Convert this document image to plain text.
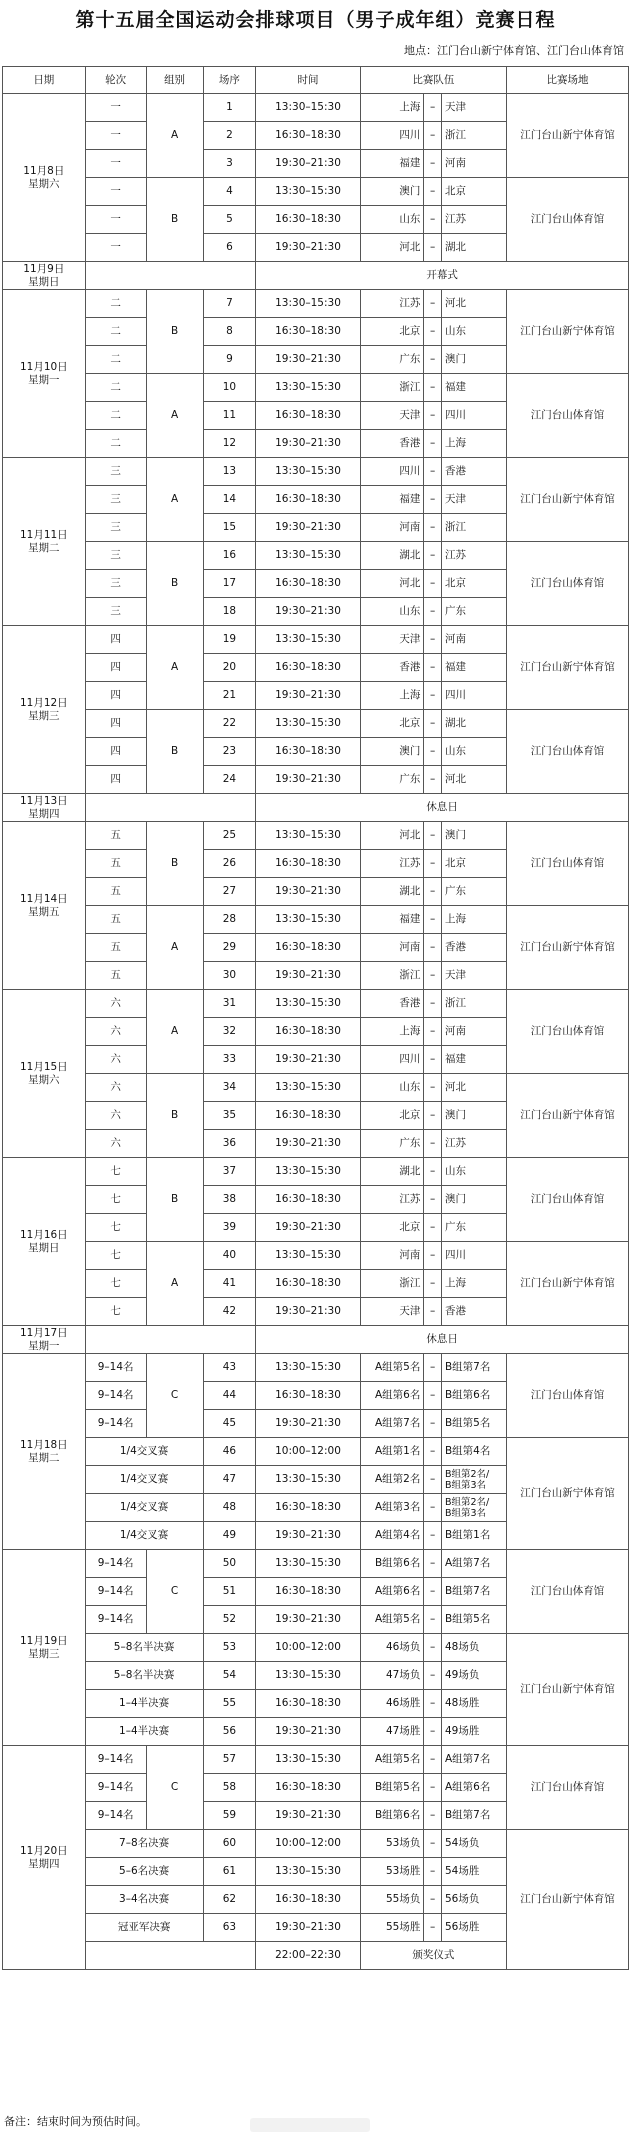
第十五届全国运动会排球项目（男子成年组）竞赛日程
地点：江门台山新宁体育馆、江门台山体育馆
日期	轮次	组别	场序	时间	比赛队伍			比赛场地
11月8日
星期六	一	A	1	13:30–15:30	上海	–	天津	江门台山新宁体育馆
	一		2	16:30–18:30	四川	–	浙江	
	一		3	19:30–21:30	福建	–	河南	
	一	B	4	13:30–15:30	澳门	–	北京	江门台山体育馆
	一		5	16:30–18:30	山东	–	江苏	
	一		6	19:30–21:30	河北	–	湖北	
11月9日
星期日				开幕式				
11月10日
星期一	二	B	7	13:30–15:30	江苏	–	河北	江门台山新宁体育馆
	二		8	16:30–18:30	北京	–	山东	
	二		9	19:30–21:30	广东	–	澳门	
	二	A	10	13:30–15:30	浙江	–	福建	江门台山体育馆
	二		11	16:30–18:30	天津	–	四川	
	二		12	19:30–21:30	香港	–	上海	
11月11日
星期二	三	A	13	13:30–15:30	四川	–	香港	江门台山新宁体育馆
	三		14	16:30–18:30	福建	–	天津	
	三		15	19:30–21:30	河南	–	浙江	
	三	B	16	13:30–15:30	湖北	–	江苏	江门台山体育馆
	三		17	16:30–18:30	河北	–	北京	
	三		18	19:30–21:30	山东	–	广东	
11月12日
星期三	四	A	19	13:30–15:30	天津	–	河南	江门台山新宁体育馆
	四		20	16:30–18:30	香港	–	福建	
	四		21	19:30–21:30	上海	–	四川	
	四	B	22	13:30–15:30	北京	–	湖北	江门台山体育馆
	四		23	16:30–18:30	澳门	–	山东	
	四		24	19:30–21:30	广东	–	河北	
11月13日
星期四				休息日				
11月14日
星期五	五	B	25	13:30–15:30	河北	–	澳门	江门台山体育馆
	五		26	16:30–18:30	江苏	–	北京	
	五		27	19:30–21:30	湖北	–	广东	
	五	A	28	13:30–15:30	福建	–	上海	江门台山新宁体育馆
	五		29	16:30–18:30	河南	–	香港	
	五		30	19:30–21:30	浙江	–	天津	
11月15日
星期六	六	A	31	13:30–15:30	香港	–	浙江	江门台山体育馆
	六		32	16:30–18:30	上海	–	河南	
	六		33	19:30–21:30	四川	–	福建	
	六	B	34	13:30–15:30	山东	–	河北	江门台山新宁体育馆
	六		35	16:30–18:30	北京	–	澳门	
	六		36	19:30–21:30	广东	–	江苏	
11月16日
星期日	七	B	37	13:30–15:30	湖北	–	山东	江门台山体育馆
	七		38	16:30–18:30	江苏	–	澳门	
	七		39	19:30–21:30	北京	–	广东	
	七	A	40	13:30–15:30	河南	–	四川	江门台山新宁体育馆
	七		41	16:30–18:30	浙江	–	上海	
	七		42	19:30–21:30	天津	–	香港	
11月17日
星期一				休息日				
11月18日
星期二	9–14名	C	43	13:30–15:30	A组第5名	–	B组第7名	江门台山体育馆
	9–14名		44	16:30–18:30	A组第6名	–	B组第6名	
	9–14名		45	19:30–21:30	A组第7名	–	B组第5名	
	1/4交叉赛		46	10:00–12:00	A组第1名	–	B组第4名	江门台山新宁体育馆
	1/4交叉赛		47	13:30–15:30	A组第2名	–	B组第2名/
B组第3名	
	1/4交叉赛		48	16:30–18:30	A组第3名	–	B组第2名/
B组第3名	
	1/4交叉赛		49	19:30–21:30	A组第4名	–	B组第1名	
11月19日
星期三	9–14名	C	50	13:30–15:30	B组第6名	–	A组第7名	江门台山体育馆
	9–14名		51	16:30–18:30	A组第6名	–	B组第7名	
	9–14名		52	19:30–21:30	A组第5名	–	B组第5名	
	5–8名半决赛		53	10:00–12:00	46场负	–	48场负	江门台山新宁体育馆
	5–8名半决赛		54	13:30–15:30	47场负	–	49场负	
	1–4半决赛		55	16:30–18:30	46场胜	–	48场胜	
	1–4半决赛		56	19:30–21:30	47场胜	–	49场胜	
11月20日
星期四	9–14名	C	57	13:30–15:30	A组第5名	–	A组第7名	江门台山体育馆
	9–14名		58	16:30–18:30	B组第5名	–	A组第6名	
	9–14名		59	19:30–21:30	B组第6名	–	B组第7名	
	7–8名决赛		60	10:00–12:00	53场负	–	54场负	江门台山新宁体育馆
	5–6名决赛		61	13:30–15:30	53场胜	–	54场胜	
	3–4名决赛		62	16:30–18:30	55场负	–	56场负	
	冠亚军决赛		63	19:30–21:30	55场胜	–	56场胜	
				22:00–22:30	颁奖仪式			
备注：结束时间为预估时间。
